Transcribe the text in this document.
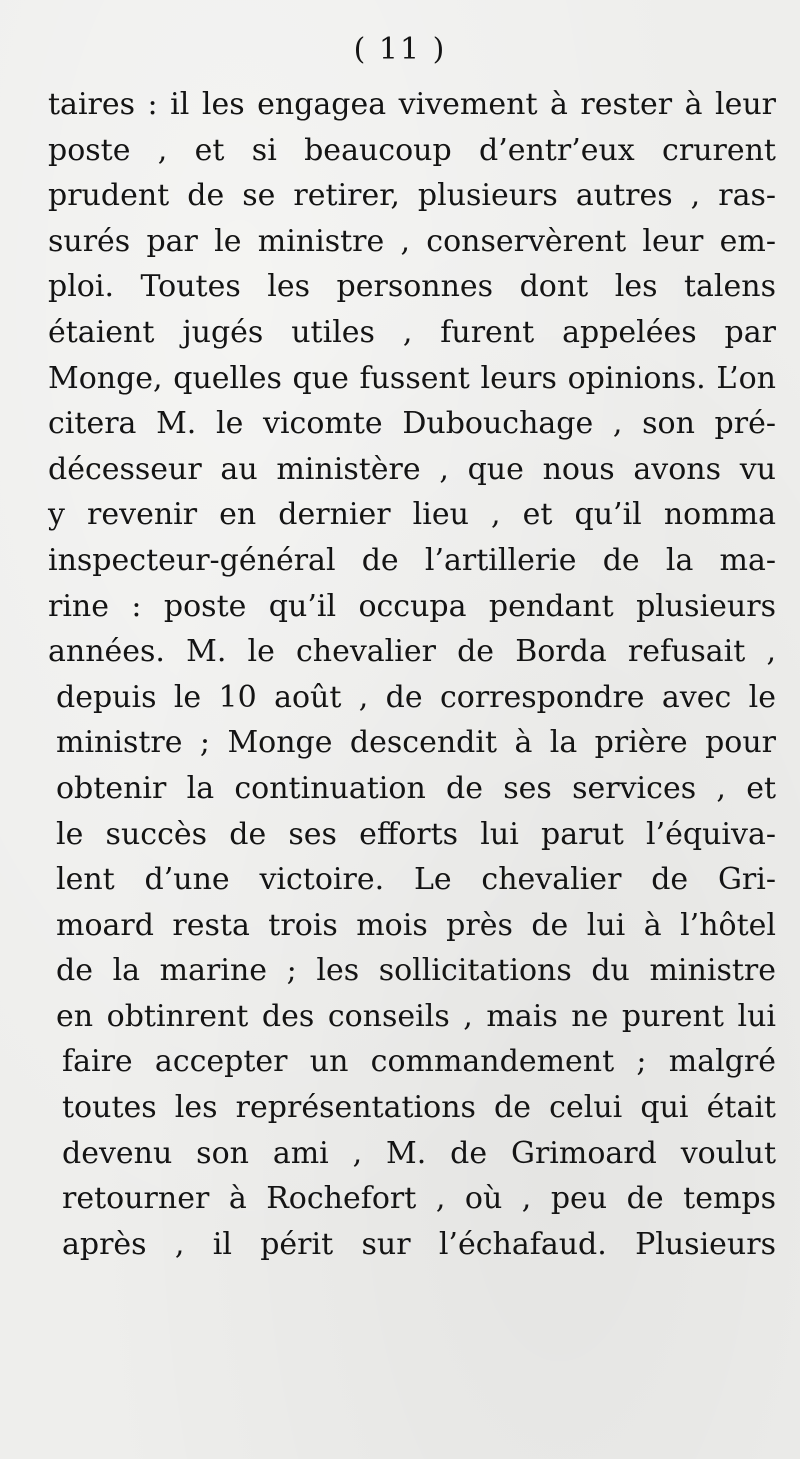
( 11 )
taires : il les engagea vivement à rester à leur
poste , et si beaucoup d’entr’eux crurent
prudent de se retirer, plusieurs autres , ras-
surés par le ministre , conservèrent leur em-
ploi. Toutes les personnes dont les talens
étaient jugés utiles , furent appelées par
Monge, quelles que fussent leurs opinions. L’on
citera M. le vicomte Dubouchage , son pré-
décesseur au ministère , que nous avons vu
y revenir en dernier lieu , et qu’il nomma
inspecteur-général de l’artillerie de la ma-
rine : poste qu’il occupa pendant plusieurs
années. M. le chevalier de Borda refusait ,
depuis le 10 août , de correspondre avec le
ministre ; Monge descendit à la prière pour
obtenir la continuation de ses services , et
le succès de ses efforts lui parut l’équiva-
lent d’une victoire. Le chevalier de Gri-
moard resta trois mois près de lui à l’hôtel
de la marine ; les sollicitations du ministre
en obtinrent des conseils , mais ne purent lui
faire accepter un commandement ; malgré
toutes les représentations de celui qui était
devenu son ami , M. de Grimoard voulut
retourner à Rochefort , où , peu de temps
après , il périt sur l’échafaud. Plusieurs
